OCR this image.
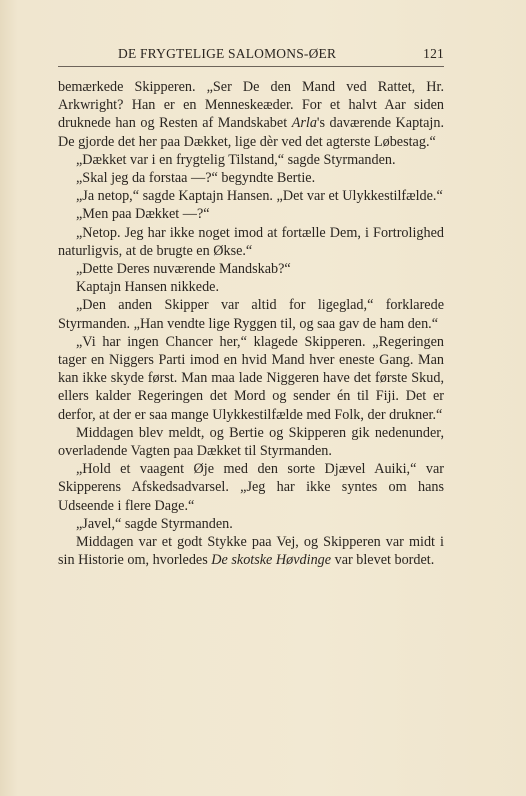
DE FRYGTELIGE SALOMONS-ØER	121

bemærkede Skipperen. „Ser De den Mand ved Rattet, Hr. Arkwright? Han er en Menneskeæder. For et halvt Aar siden druknede han og Resten af Mandskabet Arla's daværende Kaptajn. De gjorde det her paa Dækket, lige dèr ved det agterste Løbestag.“

„Dækket var i en frygtelig Tilstand,“ sagde Styrmanden.

„Skal jeg da forstaa —?“ begyndte Bertie.

„Ja netop,“ sagde Kaptajn Hansen. „Det var et Ulykkestilfælde.“

„Men paa Dækket —?“

„Netop. Jeg har ikke noget imod at fortælle Dem, i Fortrolighed naturligvis, at de brugte en Økse.“

„Dette Deres nuværende Mandskab?“

Kaptajn Hansen nikkede.

„Den anden Skipper var altid for ligeglad,“ forklarede Styrmanden. „Han vendte lige Ryggen til, og saa gav de ham den.“

„Vi har ingen Chancer her,“ klagede Skipperen. „Regeringen tager en Niggers Parti imod en hvid Mand hver eneste Gang. Man kan ikke skyde først. Man maa lade Niggeren have det første Skud, ellers kalder Regeringen det Mord og sender én til Fiji. Det er derfor, at der er saa mange Ulykkestilfælde med Folk, der drukner.“

Middagen blev meldt, og Bertie og Skipperen gik nedenunder, overladende Vagten paa Dækket til Styrmanden.

„Hold et vaagent Øje med den sorte Djævel Auiki,“ var Skipperens Afskedsadvarsel. „Jeg har ikke syntes om hans Udseende i flere Dage.“

„Javel,“ sagde Styrmanden.

Middagen var et godt Stykke paa Vej, og Skipperen var midt i sin Historie om, hvorledes De skotske Høvdinge var blevet bordet.
